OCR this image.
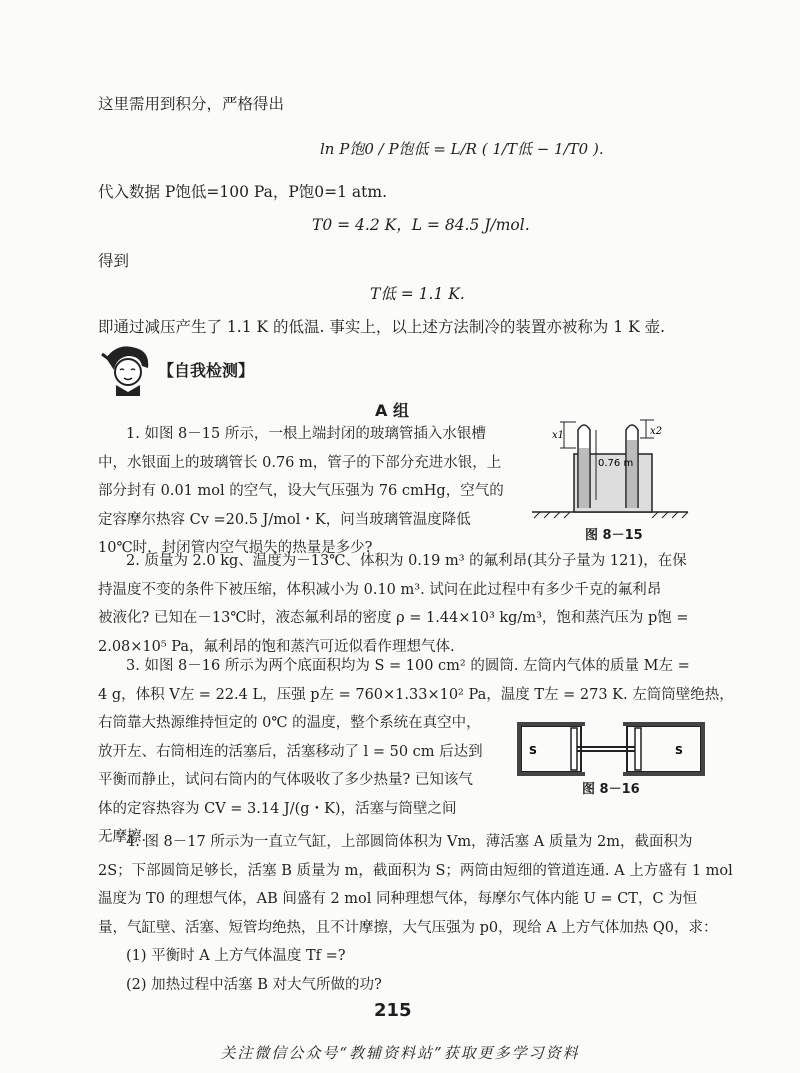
这里需用到积分，严格得出
ln P饱0 / P饱低 = L/R ( 1/T低 − 1/T0 ).
代入数据 P饱低=100 Pa，P饱0=1 atm.
T0 = 4.2 K，L = 84.5 J/mol.
得到
T低 = 1.1 K.
即通过减压产生了 1.1 K 的低温. 事实上，以上述方法制冷的装置亦被称为 1 K 壶.
【自我检测】
A 组
1. 如图 8－15 所示，一根上端封闭的玻璃管插入水银槽
中，水银面上的玻璃管长 0.76 m，管子的下部分充进水银，上
部分封有 0.01 mol 的空气，设大气压强为 76 cmHg，空气的
定容摩尔热容 Cv =20.5 J/mol・K，问当玻璃管温度降低
10℃时，封闭管内空气损失的热量是多少?
x1
0.76 m
x2
图 8－15
2. 质量为 2.0 kg、温度为－13℃、体积为 0.19 m³ 的氟利昂(其分子量为 121)，在保
持温度不变的条件下被压缩，体积减小为 0.10 m³. 试问在此过程中有多少千克的氟利昂
被液化? 已知在－13℃时，液态氟利昂的密度 ρ = 1.44×10³ kg/m³，饱和蒸汽压为 p饱 =
2.08×10⁵ Pa，氟利昂的饱和蒸汽可近似看作理想气体.
3. 如图 8－16 所示为两个底面积均为 S = 100 cm² 的圆筒. 左筒内气体的质量 M左 =
4 g，体积 V左 = 22.4 L，压强 p左 = 760×1.33×10² Pa，温度 T左 = 273 K. 左筒筒壁绝热，
右筒靠大热源维持恒定的 0℃ 的温度，整个系统在真空中，
放开左、右筒相连的活塞后，活塞移动了 l = 50 cm 后达到
平衡而静止，试问右筒内的气体吸收了多少热量? 已知该气
体的定容热容为 CV = 3.14 J/(g・K)，活塞与筒壁之间
无摩擦.
S	S
图 8－16
4. 图 8－17 所示为一直立气缸，上部圆筒体积为 Vm，薄活塞 A 质量为 2m，截面积为
2S；下部圆筒足够长，活塞 B 质量为 m，截面积为 S；两筒由短细的管道连通. A 上方盛有 1 mol
温度为 T0 的理想气体，AB 间盛有 2 mol 同种理想气体，每摩尔气体内能 U = CT，C 为恒
量，气缸壁、活塞、短管均绝热，且不计摩擦，大气压强为 p0，现给 A 上方气体加热 Q0，求：
(1) 平衡时 A 上方气体温度 Tf =?
(2) 加热过程中活塞 B 对大气所做的功?
215
关注微信公众号“教辅资料站”获取更多学习资料
